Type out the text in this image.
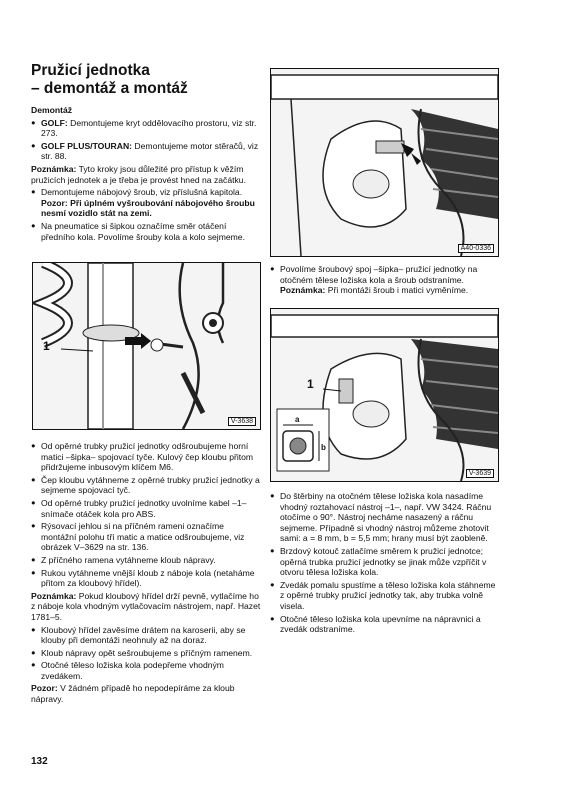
Pružicí jednotka
– demontáž a montáž
Demontáž
● GOLF: Demontujeme kryt oddělovacího prostoru, viz str. 273.
● GOLF PLUS/TOURAN: Demontujeme motor stěračů, viz str. 88.
Poznámka: Tyto kroky jsou důležité pro přístup k věžím pružicích jednotek a je třeba je provést hned na začátku.
● Demontujeme nábojový šroub, viz příslušná kapitola. Pozor: Při úplném vyšroubování nábojového šroubu nesmí vozidlo stát na zemi.
● Na pneumatice si šipkou označíme směr otáčení předního kola. Povolíme šrouby kola a kolo sejmeme.
1
V-3638
● Od opěrné trubky pružicí jednotky odšroubujeme horní matici –šipka– spojovací tyče. Kulový čep kloubu přitom přidržujeme inbusovým klíčem M6.
● Čep kloubu vytáhneme z opěrné trubky pružicí jednotky a sejmeme spojovací tyč.
● Od opěrné trubky pružicí jednotky uvolníme kabel –1– snímače otáček kola pro ABS.
● Rýsovací jehlou si na příčném rameni označíme montážní polohu tří matic a matice odšroubujeme, viz obrázek V–3629 na str. 136.
● Z příčného ramena vytáhneme kloub nápravy.
● Rukou vytáhneme vnější kloub z náboje kola (netaháme přitom za kloubový hřídel).
Poznámka: Pokud kloubový hřídel drží pevně, vytlačíme ho z náboje kola vhodným vytlačovacím nástrojem, např. Hazet 1781–5.
● Kloubový hřídel zavěsíme drátem na karoserii, aby se klouby při demontáži neohnuly až na doraz.
● Kloub nápravy opět sešroubujeme s příčným ramenem.
● Otočné těleso ložiska kola podepřeme vhodným zvedákem.
Pozor: V žádném případě ho nepodepíráme za kloub nápravy.
A40-0336
● Povolíme šroubový spoj –šipka– pružicí jednotky na otočném tělese ložiska kola a šroub odstraníme. Poznámka: Při montáži šroub i matici vyměníme.
1
a
b
V-3639
● Do štěrbiny na otočném tělese ložiska kola nasadíme vhodný roztahovací nástroj –1–, např. VW 3424. Ráčnu otočíme o 90°. Nástroj necháme nasazený a ráčnu sejmeme. Případně si vhodný nástroj můžeme zhotovit sami: a = 8 mm, b = 5,5 mm; hrany musí být zaobleně.
● Brzdový kotouč zatlačíme směrem k pružicí jednotce; opěrná trubka pružicí jednotky se jinak může vzpříčit v otvoru tělesa ložiska kola.
● Zvedák pomalu spustíme a těleso ložiska kola stáhneme z opěrné trubky pružicí jednotky tak, aby trubka volně visela.
● Otočné těleso ložiska kola upevníme na nápravnici a zvedák odstraníme.
132
